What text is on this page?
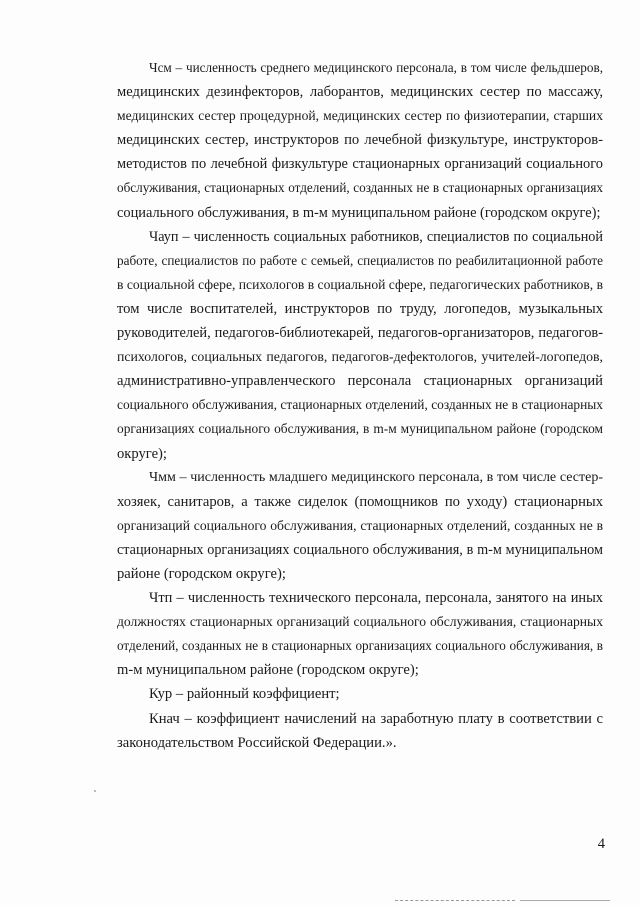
Чсм – численность среднего медицинского персонала, в том числе фельдшеров,
медицинских дезинфекторов, лаборантов, медицинских сестер по массажу,
медицинских сестер процедурной, медицинских сестер по физиотерапии, старших
медицинских сестер, инструкторов по лечебной физкультуре, инструкторов-
методистов по лечебной физкультуре стационарных организаций социального
обслуживания, стационарных отделений, созданных не в стационарных организациях
социального обслуживания, в m-м муниципальном районе (городском округе);
Чауп – численность социальных работников, специалистов по социальной
работе, специалистов по работе с семьей, специалистов по реабилитационной работе
в социальной сфере, психологов в социальной сфере, педагогических работников, в
том числе воспитателей, инструкторов по труду, логопедов, музыкальных
руководителей, педагогов-библиотекарей, педагогов-организаторов, педагогов-
психологов, социальных педагогов, педагогов-дефектологов, учителей-логопедов,
административно-управленческого персонала стационарных организаций
социального обслуживания, стационарных отделений, созданных не в стационарных
организациях социального обслуживания, в m-м муниципальном районе (городском
округе);
Чмм – численность младшего медицинского персонала, в том числе сестер-
хозяек, санитаров, а также сиделок (помощников по уходу) стационарных
организаций социального обслуживания, стационарных отделений, созданных не в
стационарных организациях социального обслуживания, в m-м муниципальном
районе (городском округе);
Чтп – численность технического персонала, персонала, занятого на иных
должностях стационарных организаций социального обслуживания, стационарных
отделений, созданных не в стационарных организациях социального обслуживания, в
m-м муниципальном районе (городском округе);
Кур – районный коэффициент;
Кнач – коэффициент начислений на заработную плату в соответствии с
законодательством Российской Федерации.».
4
